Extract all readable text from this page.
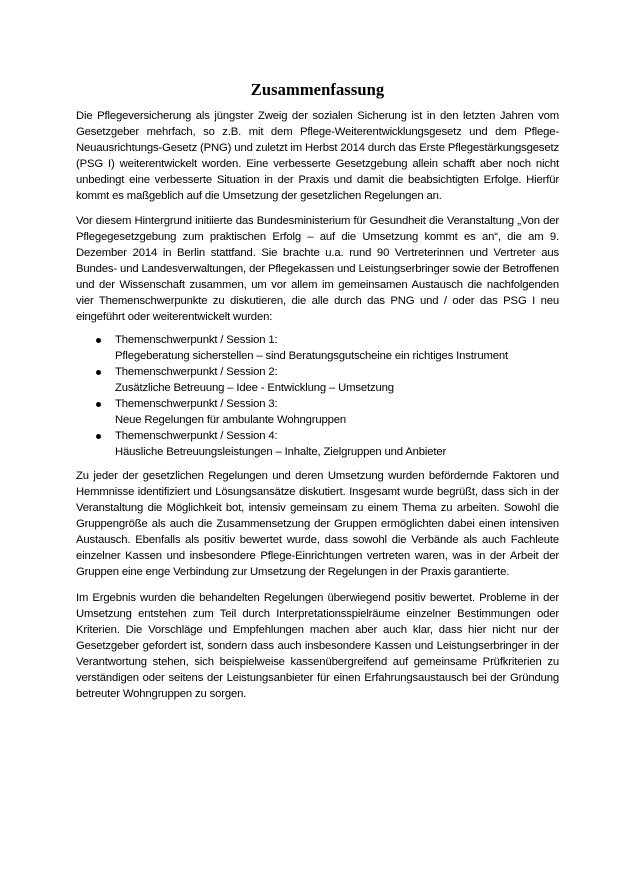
Zusammenfassung

Die Pflegeversicherung als jüngster Zweig der sozialen Sicherung ist in den letzten Jahren vom Gesetzgeber mehrfach, so z.B. mit dem Pflege-Weiterentwicklungsgesetz und dem Pflege-Neuausrichtungs-Gesetz (PNG) und zuletzt im Herbst 2014 durch das Erste Pflegestärkungsgesetz (PSG I) weiterentwickelt worden. Eine verbesserte Gesetzgebung allein schafft aber noch nicht unbedingt eine verbesserte Situation in der Praxis und damit die beabsichtigten Erfolge. Hierfür kommt es maßgeblich auf die Umsetzung der gesetzlichen Regelungen an.

Vor diesem Hintergrund initiierte das Bundesministerium für Gesundheit die Veranstaltung „Von der Pflegegesetzgebung zum praktischen Erfolg – auf die Umsetzung kommt es an“, die am 9. Dezember 2014 in Berlin stattfand. Sie brachte u.a. rund 90 Vertreterinnen und Vertreter aus Bundes- und Landesverwaltungen, der Pflegekassen und Leistungserbringer sowie der Betroffenen und der Wissenschaft zusammen, um vor allem im gemeinsamen Austausch die nachfolgenden vier Themenschwerpunkte zu diskutieren, die alle durch das PNG und / oder das PSG I neu eingeführt oder weiterentwickelt wurden:

Themenschwerpunkt / Session 1:
Pflegeberatung sicherstellen – sind Beratungsgutscheine ein richtiges Instrument
Themenschwerpunkt / Session 2:
Zusätzliche Betreuung – Idee - Entwicklung – Umsetzung
Themenschwerpunkt / Session 3:
Neue Regelungen für ambulante Wohngruppen
Themenschwerpunkt / Session 4:
Häusliche Betreuungsleistungen – Inhalte, Zielgruppen und Anbieter

Zu jeder der gesetzlichen Regelungen und deren Umsetzung wurden befördernde Faktoren und Hemmnisse identifiziert und Lösungsansätze diskutiert. Insgesamt wurde begrüßt, dass sich in der Veranstaltung die Möglichkeit bot, intensiv gemeinsam zu einem Thema zu arbeiten. Sowohl die Gruppengröße als auch die Zusammensetzung der Gruppen ermöglichten dabei einen intensiven Austausch. Ebenfalls als positiv bewertet wurde, dass sowohl die Verbände als auch Fachleute einzelner Kassen und insbesondere Pflege-Einrichtungen vertreten waren, was in der Arbeit der Gruppen eine enge Verbindung zur Umsetzung der Regelungen in der Praxis garantierte.

Im Ergebnis wurden die behandelten Regelungen überwiegend positiv bewertet. Probleme in der Umsetzung entstehen zum Teil durch Interpretationsspielräume einzelner Bestimmungen oder Kriterien. Die Vorschläge und Empfehlungen machen aber auch klar, dass hier nicht nur der Gesetzgeber gefordert ist, sondern dass auch insbesondere Kassen und Leistungserbringer in der Verantwortung stehen, sich beispielweise kassenübergreifend auf gemeinsame Prüfkriterien zu verständigen oder seitens der Leistungsanbieter für einen Erfahrungsaustausch bei der Gründung betreuter Wohngruppen zu sorgen.
